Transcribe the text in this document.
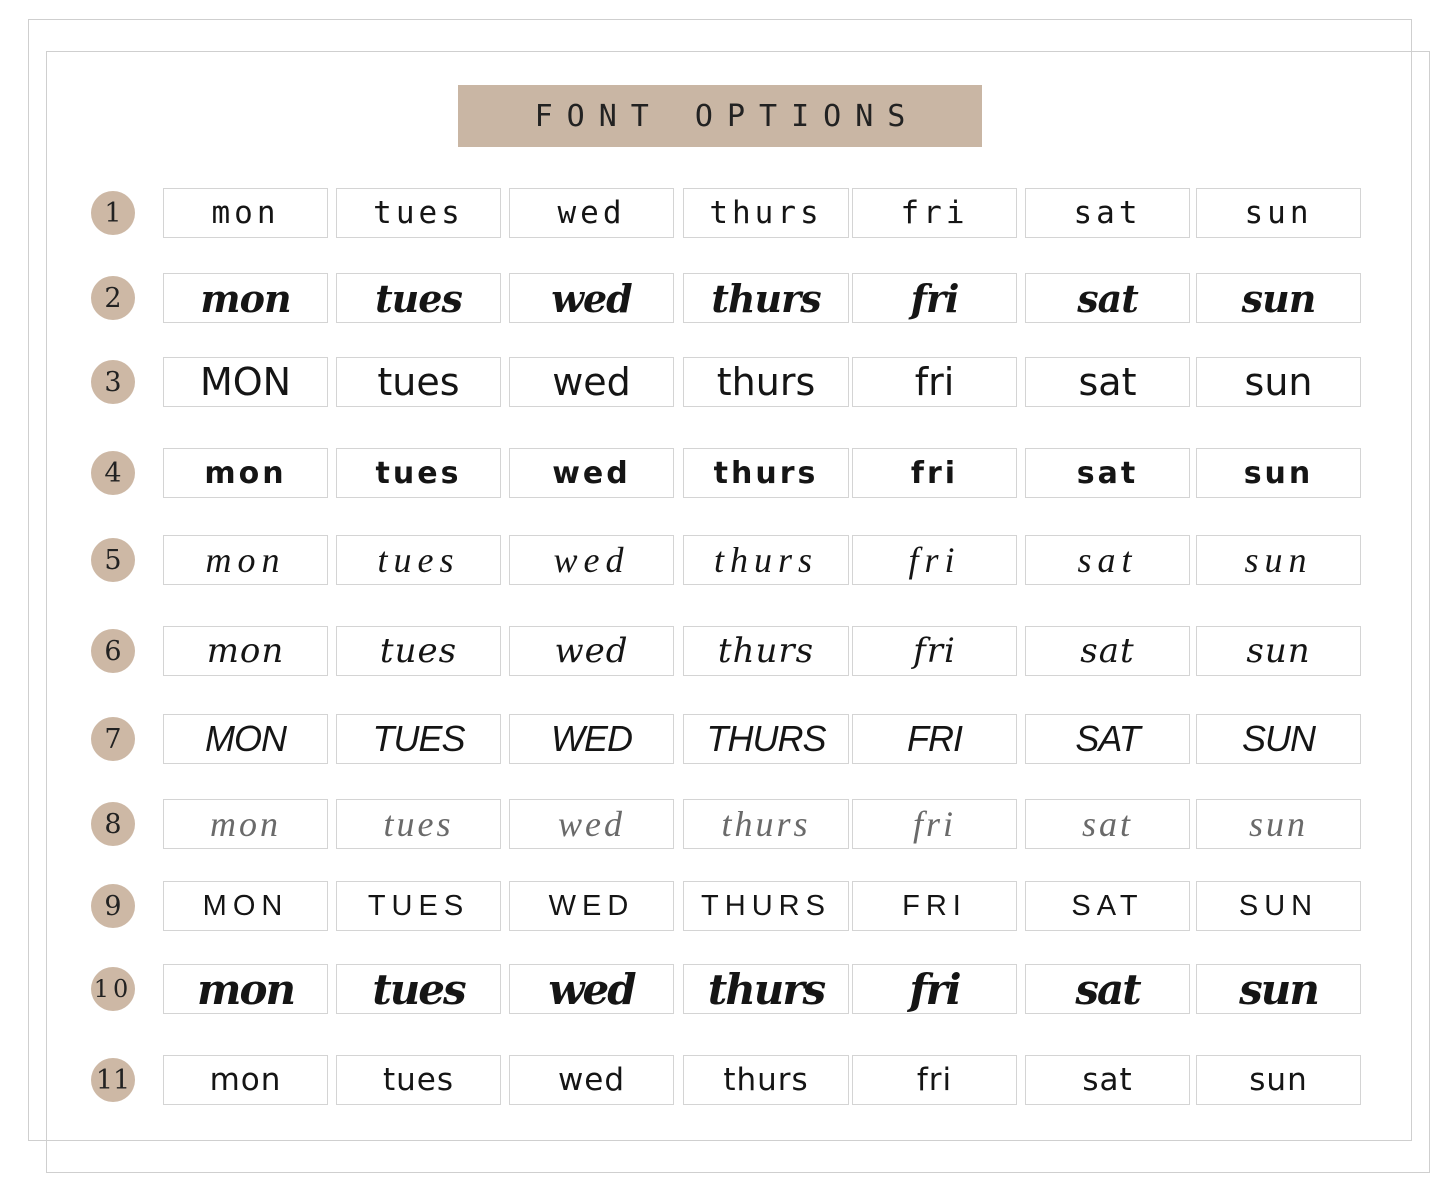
FONT OPTIONS
1	mon	tues	wed	thurs	fri	sat	sun
2	mon	tues	wed	thurs	fri	sat	sun
3	MON	tues	wed	thurs	fri	sat	sun
4	mon	tues	wed	thurs	fri	sat	sun
5	mon	tues	wed	thurs	fri	sat	sun
6	mon	tues	wed	thurs	fri	sat	sun
7	MON	TUES	WED	THURS	FRI	SAT	SUN
8	mon	tues	wed	thurs	fri	sat	sun
9	MON	TUES	WED	THURS	FRI	SAT	SUN
10	mon	tues	wed	thurs	fri	sat	sun
11	mon	tues	wed	thurs	fri	sat	sun
